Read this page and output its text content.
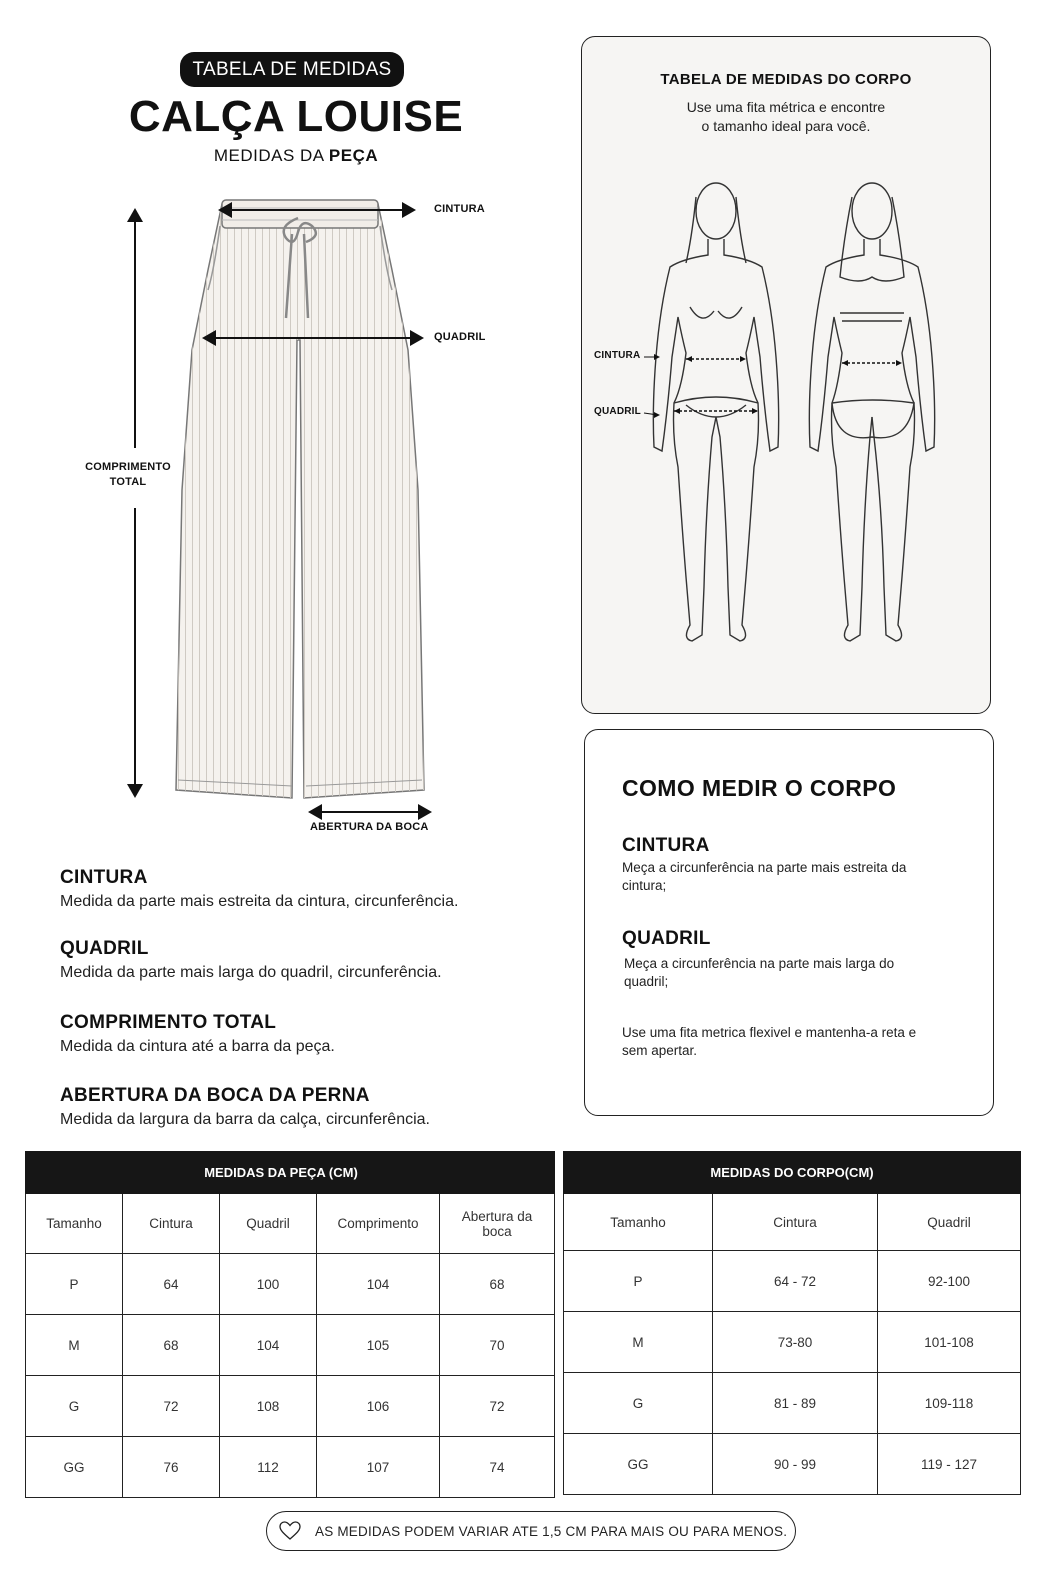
TABELA DE MEDIDAS
CALÇA LOUISE
MEDIDAS DA PEÇA
CINTURA
QUADRIL
COMPRIMENTO
TOTAL
ABERTURA DA BOCA
CINTURA

Medida da parte mais estreita da cintura, circunferência.

QUADRIL

Medida da parte mais larga do quadril, circunferência.

COMPRIMENTO TOTAL

Medida da cintura até a barra da peça.

ABERTURA DA BOCA DA PERNA

Medida da largura da barra da calça, circunferência.

TABELA DE MEDIDAS DO CORPO
Use uma fita métrica e encontre
o tamanho ideal para você.
CINTURA
QUADRIL
COMO MEDIR O CORPO
CINTURA

Meça a circunferência na parte mais estreita da cintura;

QUADRIL

Meça a circunferência na parte mais larga do quadril;

Use uma fita metrica flexivel e mantenha-a reta e sem apertar.

	MEDIDAS DA PEÇA (CM)			
Tamanho	Cintura	Quadril	Comprimento	Abertura da boca
P	64	100	104	68
M	68	104	105	70
G	72	108	106	72
GG	76	112	107	74
MEDIDAS DO CORPO(CM)		
Tamanho	Cintura	Quadril
P	64 - 72	92-100
M	73-80	101-108
G	81 - 89	109-118
GG	90 - 99	119 - 127
AS MEDIDAS PODEM VARIAR ATE 1,5 CM PARA MAIS OU PARA MENOS.
